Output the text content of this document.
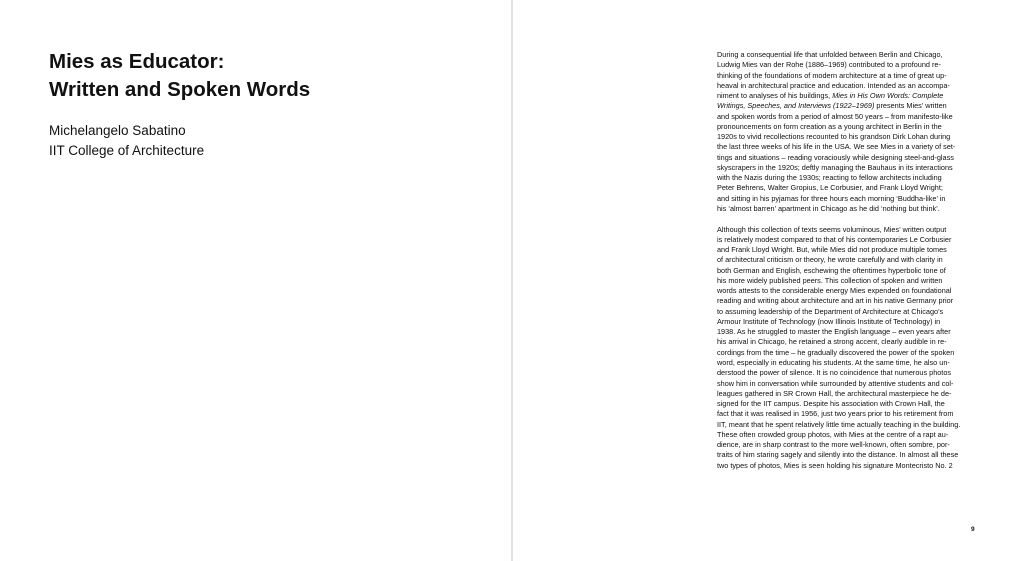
Mies as Educator:
Written and Spoken Words
Michelangelo Sabatino
IIT College of Architecture
During a consequential life that unfolded between Berlin and Chicago,
Ludwig Mies van der Rohe (1886–1969) contributed to a profound re-
thinking of the foundations of modern architecture at a time of great up-
heaval in architectural practice and education. Intended as an accompa-
niment to analyses of his buildings, Mies in His Own Words: Complete
Writings, Speeches, and Interviews (1922–1969) presents Mies’ written
and spoken words from a period of almost 50 years – from manifesto-like
pronouncements on form creation as a young architect in Berlin in the
1920s to vivid recollections recounted to his grandson Dirk Lohan during
the last three weeks of his life in the USA. We see Mies in a variety of set-
tings and situations – reading voraciously while designing steel-and-glass
skyscrapers in the 1920s; deftly managing the Bauhaus in its interactions
with the Nazis during the 1930s; reacting to fellow architects including
Peter Behrens, Walter Gropius, Le Corbusier, and Frank Lloyd Wright;
and sitting in his pyjamas for three hours each morning ‘Buddha-like’ in
his ‘almost barren’ apartment in Chicago as he did ‘nothing but think’.
Although this collection of texts seems voluminous, Mies’ written output
is relatively modest compared to that of his contemporaries Le Corbusier
and Frank Lloyd Wright. But, while Mies did not produce multiple tomes
of architectural criticism or theory, he wrote carefully and with clarity in
both German and English, eschewing the oftentimes hyperbolic tone of
his more widely published peers. This collection of spoken and written
words attests to the considerable energy Mies expended on foundational
reading and writing about architecture and art in his native Germany prior
to assuming leadership of the Department of Architecture at Chicago’s
Armour Institute of Technology (now Illinois Institute of Technology) in
1938. As he struggled to master the English language – even years after
his arrival in Chicago, he retained a strong accent, clearly audible in re-
cordings from the time – he gradually discovered the power of the spoken
word, especially in educating his students. At the same time, he also un-
derstood the power of silence. It is no coincidence that numerous photos
show him in conversation while surrounded by attentive students and col-
leagues gathered in SR Crown Hall, the architectural masterpiece he de-
signed for the IIT campus. Despite his association with Crown Hall, the
fact that it was realised in 1956, just two years prior to his retirement from
IIT, meant that he spent relatively little time actually teaching in the building.
These often crowded group photos, with Mies at the centre of a rapt au-
dience, are in sharp contrast to the more well-known, often sombre, por-
traits of him staring sagely and silently into the distance. In almost all these
two types of photos, Mies is seen holding his signature Montecristo No. 2
9
